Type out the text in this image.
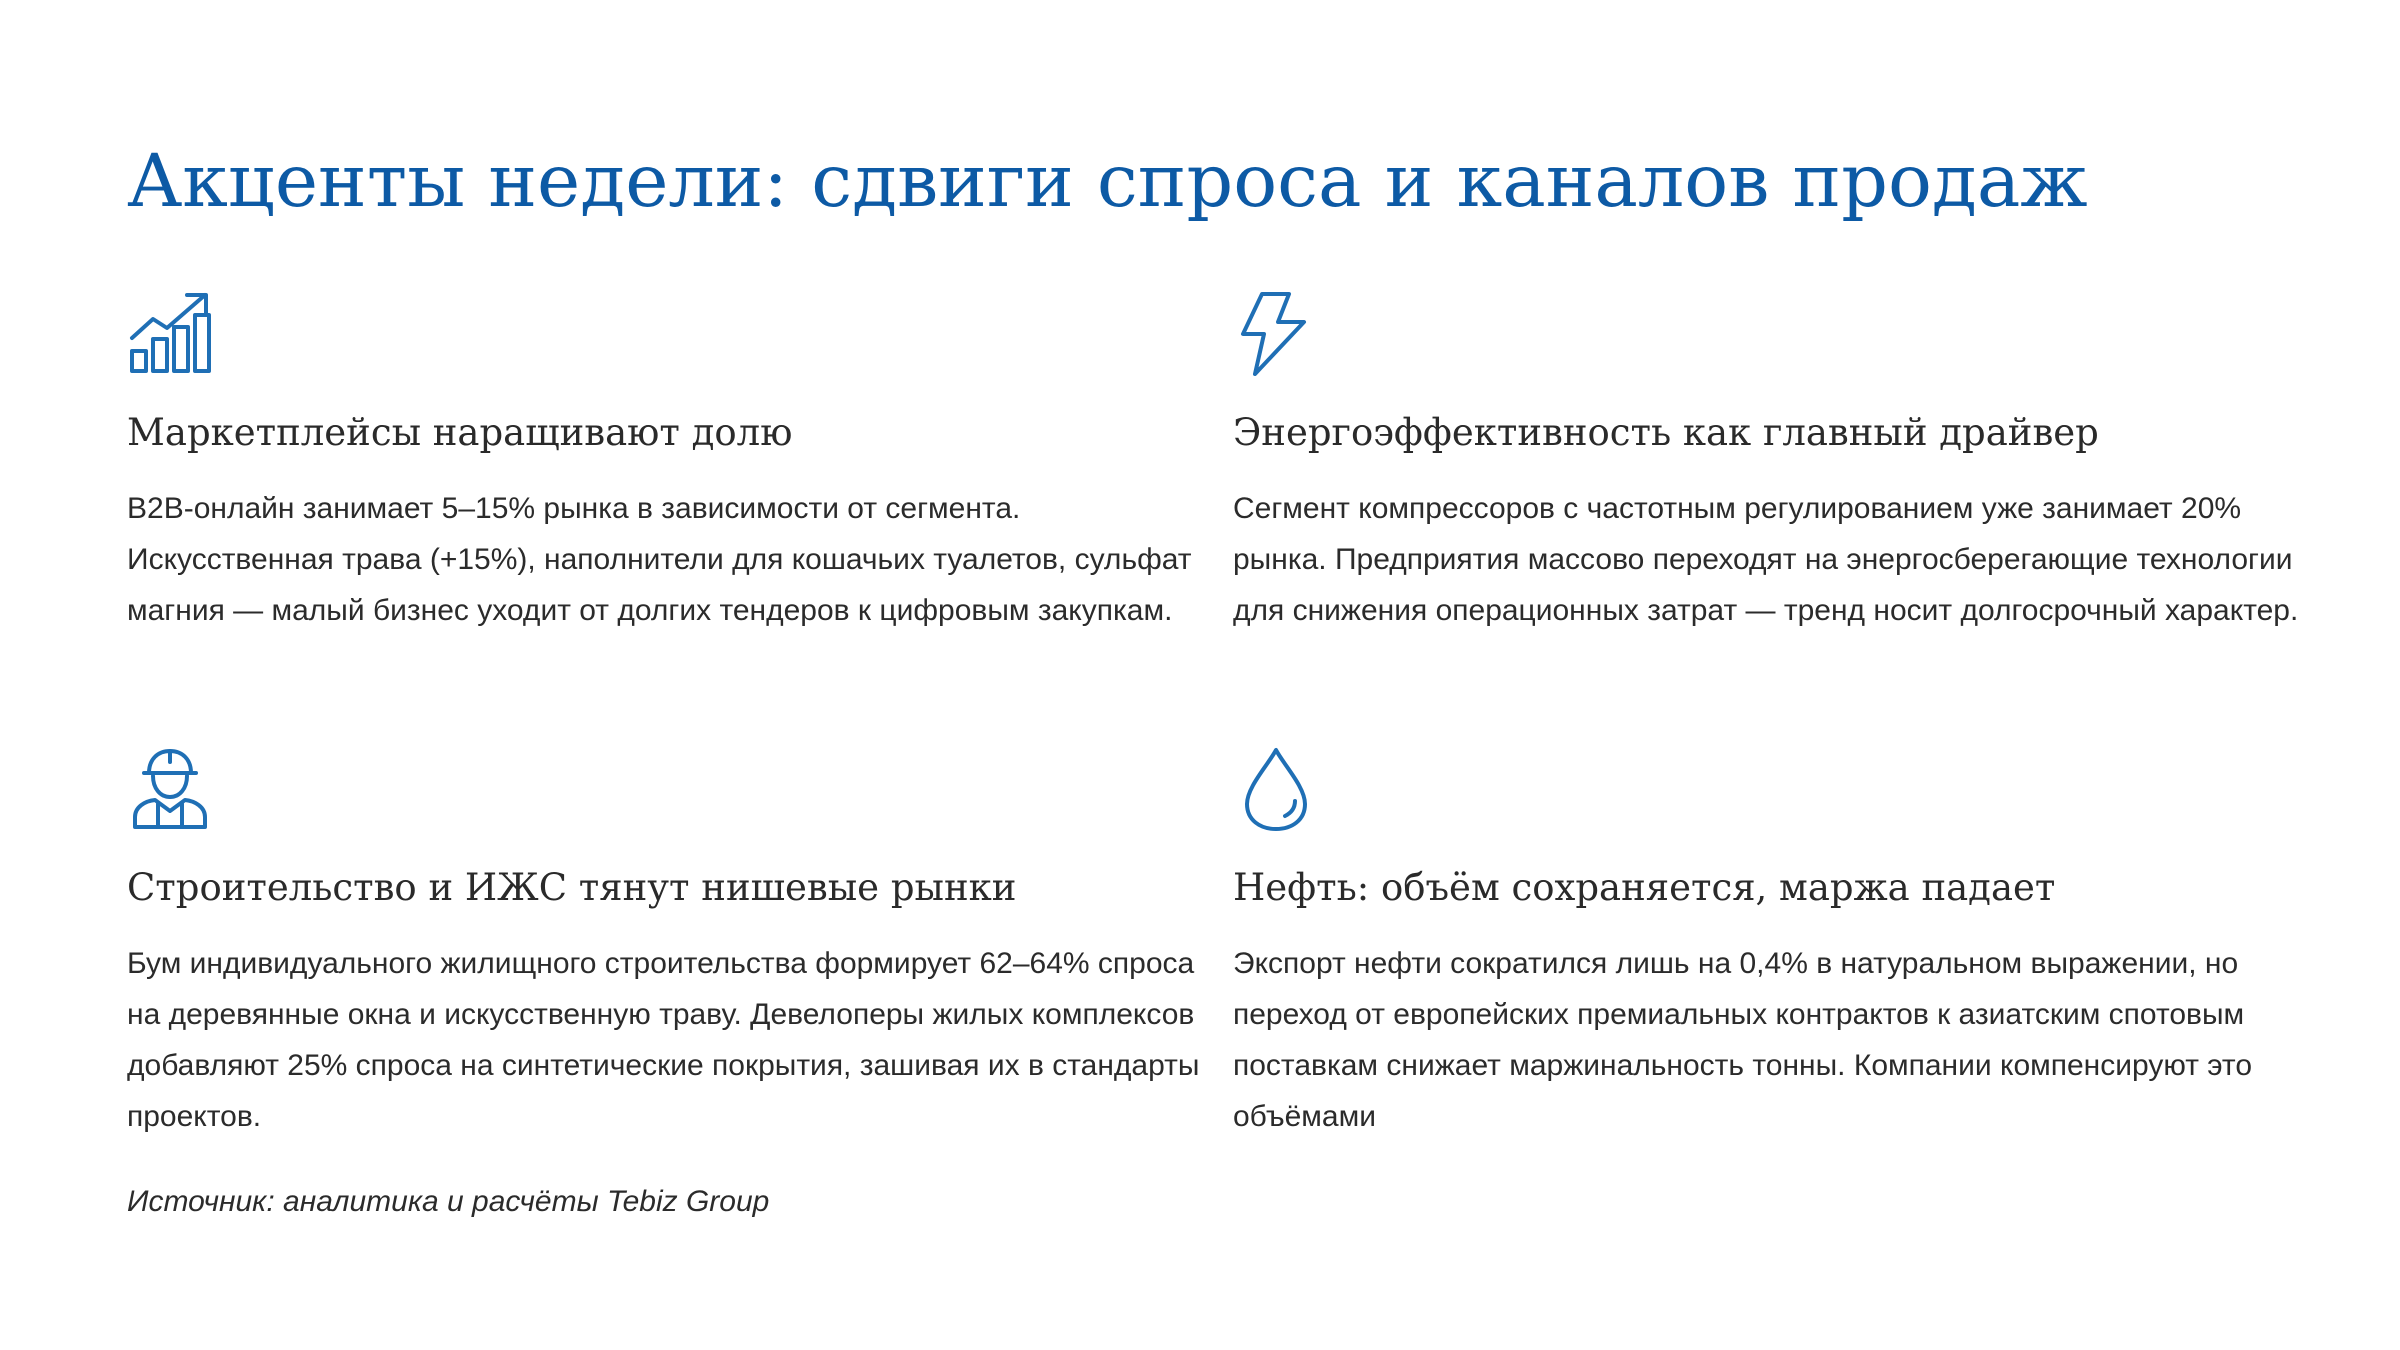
Акценты недели: сдвиги спроса и каналов продаж
Маркетплейсы наращивают долю

B2B-онлайн занимает 5–15% рынка в зависимости от сегмента. Искусственная трава (+15%), наполнители для кошачьих туалетов, сульфат магния — малый бизнес уходит от долгих тендеров к цифровым закупкам.

Энергоэффективность как главный драйвер

Сегмент компрессоров с частотным регулированием уже занимает 20% рынка. Предприятия массово переходят на энергосберегающие технологии для снижения операционных затрат — тренд носит долгосрочный характер.

Строительство и ИЖС тянут нишевые рынки

Бум индивидуального жилищного строительства формирует 62–64% спроса на деревянные окна и искусственную траву. Девелоперы жилых комплексов добавляют 25% спроса на синтетические покрытия, зашивая их в стандарты проектов.

Нефть: объём сохраняется, маржа падает

Экспорт нефти сократился лишь на 0,4% в натуральном выражении, но переход от европейских премиальных контрактов к азиатским спотовым поставкам снижает маржинальность тонны. Компании компенсируют это объёмами

Источник: аналитика и расчёты Tebiz Group
